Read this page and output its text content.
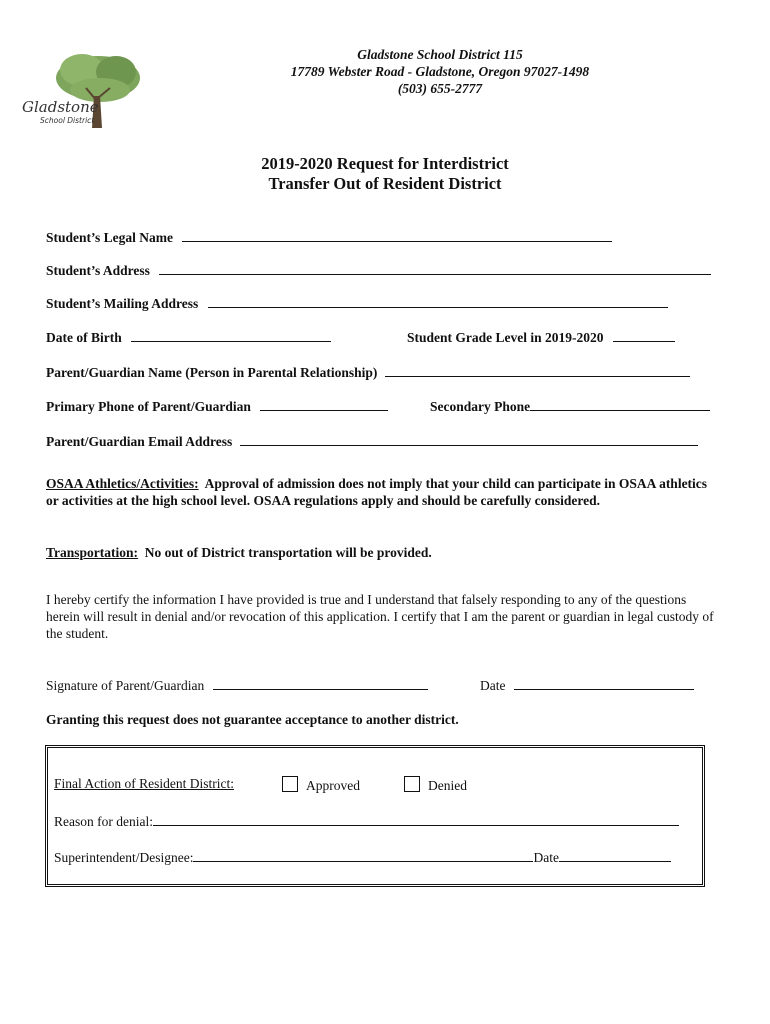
Gladstone
School District
Gladstone School District 115
17789 Webster Road - Gladstone, Oregon 97027-1498
(503) 655-2777
2019-2020 Request for Interdistrict
Transfer Out of Resident District
Student’s Legal Name
Student’s Address
Student’s Mailing Address
Date of Birth	Student Grade Level in 2019-2020
Parent/Guardian Name (Person in Parental Relationship)
Primary Phone of Parent/Guardian	Secondary Phone
Parent/Guardian Email Address
OSAA Athletics/Activities: Approval of admission does not imply that your child can participate in OSAA athletics or activities at the high school level. OSAA regulations apply and should be carefully considered.
Transportation: No out of District transportation will be provided.
I hereby certify the information I have provided is true and I understand that falsely responding to any of the questions herein will result in denial and/or revocation of this application. I certify that I am the parent or guardian in legal custody of the student.
Signature of Parent/Guardian	Date
Granting this request does not guarantee acceptance to another district.
Final Action of Resident District:	Approved	Denied
Reason for denial:
Superintendent/Designee:	Date
